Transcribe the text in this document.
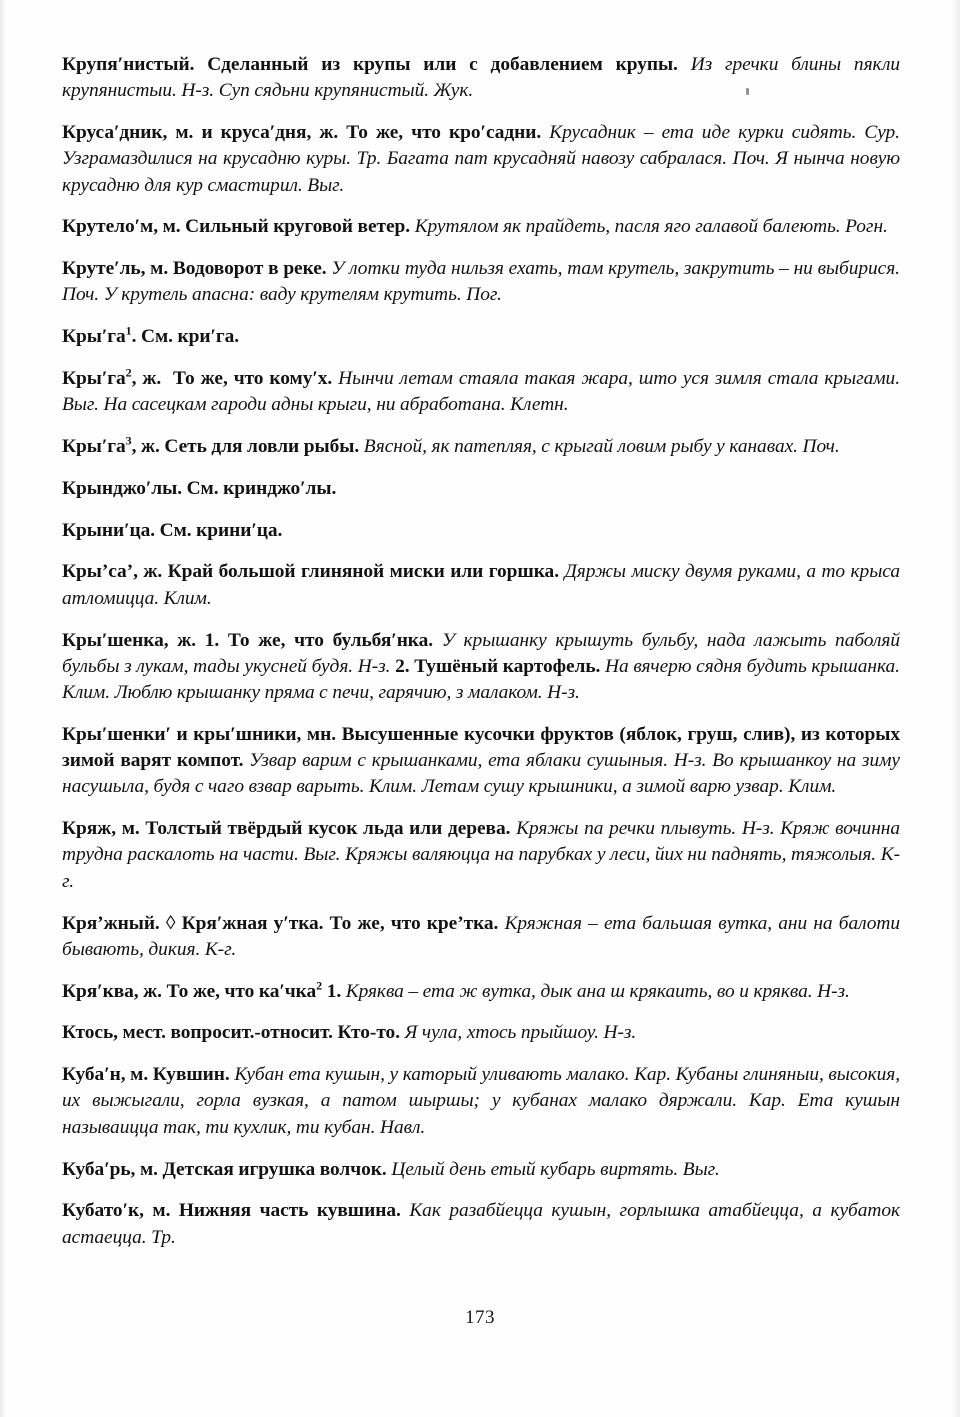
Крупя′нистый. Сделанный из крупы или с добавлением крупы. Из гречки блины пякли крупянистыи. Н-з. Суп сядьни крупянистый. Жук.

Круса′дник, м. и круса′дня, ж. То же, что кро′садни. Крусадник – ета иде курки сидять. Сур. Узграмаздилися на крусадню куры. Тр. Багата пат крусадняй навозу сабралася. Поч. Я нынча новую крусадню для кур смастирил. Выг.

Крутело′м, м. Сильный круговой ветер. Крутялом як прайдеть, пасля яго галавой балеють. Рогн.

Круте′ль, м. Водоворот в реке. У лотки туда нильзя ехать, там крутель, закрутить – ни выбирися. Поч. У крутель апасна: ваду крутелям крутить. Пог.

$Кры'га^1$. См. кри′га.

$Кры'га^2$, ж.  То же, что кому′х. Нынчи летам стаяла такая жара, што уся зимля стала крыгами. Выг. На сасецкам гароди адны крыги, ни абработана. Клетн.

$Кры'га^3$, ж. Сеть для ловли рыбы. Вясной, як патепляя, с крыгай ловим рыбу у канавах. Поч.

Крынджо′лы. См. кринджо′лы.

Крыни′ца. См. крини′ца.

Кры’са’, ж. Край большой глиняной миски или горшка. Дяржы миску двумя руками, а то крыса атломицца. Клим.

Кры′шенка, ж. 1. То же, что бульбя′нка. У крышанку крышуть бульбу, нада лажыть паболяй бульбы з лукам, тады укусней будя. Н-з. 2. Тушёный картофель. На вячерю сядня будить крышанка. Клим. Люблю крышанку пряма с печи, гарячию, з малаком. Н-з.

Кры′шенки′ и кры′шники, мн. Высушенные кусочки фруктов (яблок, груш, слив), из которых зимой варят компот. Узвар варим с крышанками, ета яблаки сушыныя. Н-з. Во крышанкоу на зиму насушыла, будя с чаго взвар варыть. Клим. Летам сушу крышники, а зимой варю узвар. Клим.

Кряж, м. Толстый твёрдый кусок льда или дерева. Кряжы па речки плывуть. Н-з. Кряж вочинна трудна раскалоть на части. Выг. Кряжы валяюцца на парубках у леси, йих ни паднять, тяжолыя. К-г.

Кря’жный. ◊ Кря′жная у′тка. То же, что кре’тка. Кряжная – ета бальшая вутка, ани на балоти бывають, дикия. К-г.

Кря′ква, ж. То же, что ка′чка$^2$ 1. Кряква – ета ж вутка, дык ана ш крякаить, во и кряква. Н-з.

Ктось, мест. вопросит.-относит. Кто-то. Я чула, хтось прыйшоу. Н-з.

Куба′н, м. Кувшин. Кубан ета кушын, у каторый уливають малако. Кар. Кубаны глиняныи, высокия, их выжыгали, горла вузкая, а патом шыршы; у кубанах малако дяржали. Кар. Ета кушын называицца так, ти кухлик, ти кубан. Навл.

Куба′рь, м. Детская игрушка волчок. Целый день етый кубарь виртять. Выг.

Кубато′к, м. Нижняя часть кувшина. Как разабйецца кушын, горлышка атабйецца, а кубаток астаецца. Тр.

173
